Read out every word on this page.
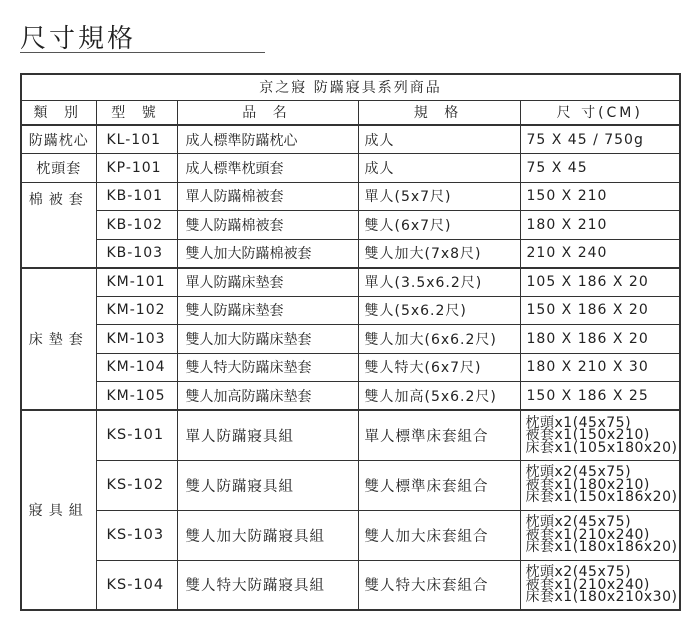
尺寸規格
京之寢 防蹣寢具系列商品				
類 別	型 號	品 名	規 格	尺 寸(CM)
防蹣枕心	KL-101	成人標準防蹣枕心	成人	75 X 45 / 750g
枕頭套	KP-101	成人標準枕頭套	成人	75 X 45
棉被套	KB-101	單人防蹣棉被套	單人(5x7尺)	150 X 210
	KB-102	雙人防蹣棉被套	雙人(6x7尺)	180 X 210
	KB-103	雙人加大防蹣棉被套	雙人加大(7x8尺)	210 X 240
床墊套	KM-101	單人防蹣床墊套	單人(3.5x6.2尺)	105 X 186 X 20
	KM-102	雙人防蹣床墊套	雙人(5x6.2尺)	150 X 186 X 20
	KM-103	雙人加大防蹣床墊套	雙人加大(6x6.2尺)	180 X 186 X 20
	KM-104	雙人特大防蹣床墊套	雙人特大(6x7尺)	180 X 210 X 30
	KM-105	雙人加高防蹣床墊套	雙人加高(5x6.2尺)	150 X 186 X 25
寢具組	KS-101	單人防蹣寢具組	單人標準床套組合	枕頭x1(45x75)
被套x1(150x210)
床套x1(105x180x20)

	KS-102	雙人防蹣寢具組	雙人標準床套組合	枕頭x2(45x75)
被套x1(180x210)
床套x1(150x186x20)

	KS-103	雙人加大防蹣寢具組	雙人加大床套組合	枕頭x2(45x75)
被套x1(210x240)
床套x1(180x186x20)

	KS-104	雙人特大防蹣寢具組	雙人特大床套組合	枕頭x2(45x75)
被套x1(210x240)
床套x1(180x210x30)
